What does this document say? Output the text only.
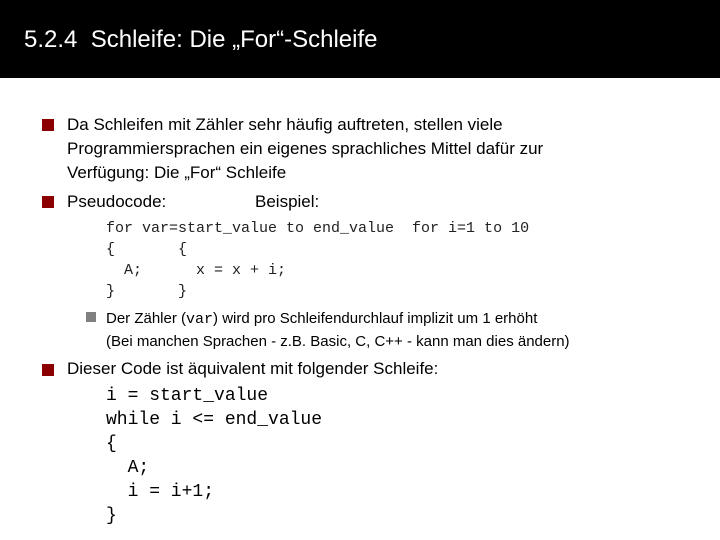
5.2.4 Schleife: Die „For“-Schleife
Da Schleifen mit Zähler sehr häufig auftreten, stellen viele
Programmiersprachen ein eigenes sprachliches Mittel dafür zur
Verfügung: Die „For“ Schleife
Pseudocode:	Beispiel:
for var=start_value to end_value  for i=1 to 10
{       {
A;      x = x + i;
}       }
Der Zähler (var) wird pro Schleifendurchlauf implizit um 1 erhöht
(Bei manchen Sprachen - z.B. Basic, C, C++ - kann man dies ändern)
Dieser Code ist äquivalent mit folgender Schleife:
i = start_value
while i <= end_value
{
A;
i = i+1;
}
